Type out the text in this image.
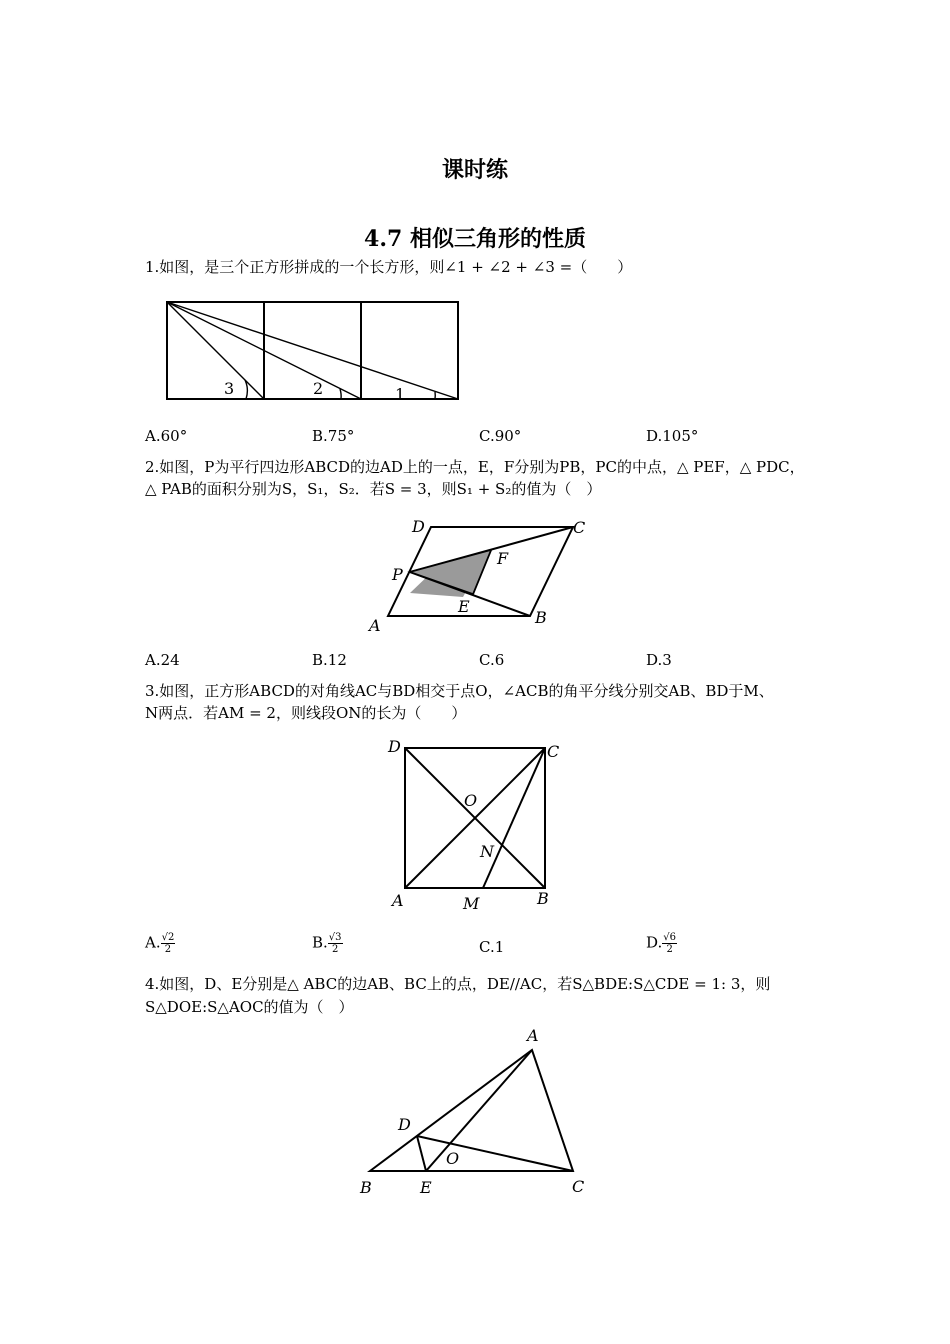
课时练
4.7 相似三角形的性质
1.如图，是三个正方形拼成的一个长方形，则∠1 + ∠2 + ∠3 =（　　）
3	2	1
A.60°	B.75°	C.90°	D.105°
2.如图，P为平行四边形ABCD的边AD上的一点，E，F分别为PB，PC的中点，△ PEF，△ PDC，
△ PAB的面积分别为S，S₁，S₂．若S = 3，则S₁ + S₂的值为（　）
A	B
C
D
P
E
F
A.24	B.12	C.6	D.3
3.如图，正方形ABCD的对角线AC与BD相交于点O，∠ACB的角平分线分别交AB、BD于M、
N两点．若AM = 2，则线段ON的长为（　　）
A	B
C
D
O
N
M
A. $\frac{√2}{2}$	B. $\frac{√3}{2}$	C.1	D. $\frac{√6}{2}$
4.如图，D、E分别是△ ABC的边AB、BC上的点，DE//AC，若S△BDE:S△CDE = 1: 3，则
S△DOE:S△AOC的值为（　）
A
B	C
D
E
O
